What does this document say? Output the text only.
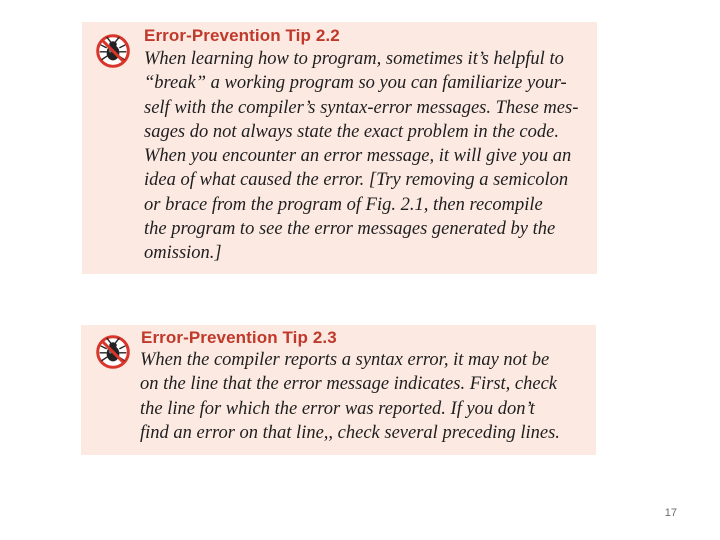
Error-Prevention Tip 2.2

When learning how to program, sometimes it’s helpful to
“break” a working program so you can familiarize your-
self with the compiler’s syntax-error messages. These mes-
sages do not always state the exact problem in the code.
When you encounter an error message, it will give you an
idea of what caused the error. [Try removing a semicolon
or brace from the program of Fig. 2.1, then recompile
the program to see the error messages generated by the
omission.]

Error-Prevention Tip 2.3

When the compiler reports a syntax error, it may not be
on the line that the error message indicates. First, check
the line for which the error was reported. If you don’t
find an error on that line,, check several preceding lines.

17
